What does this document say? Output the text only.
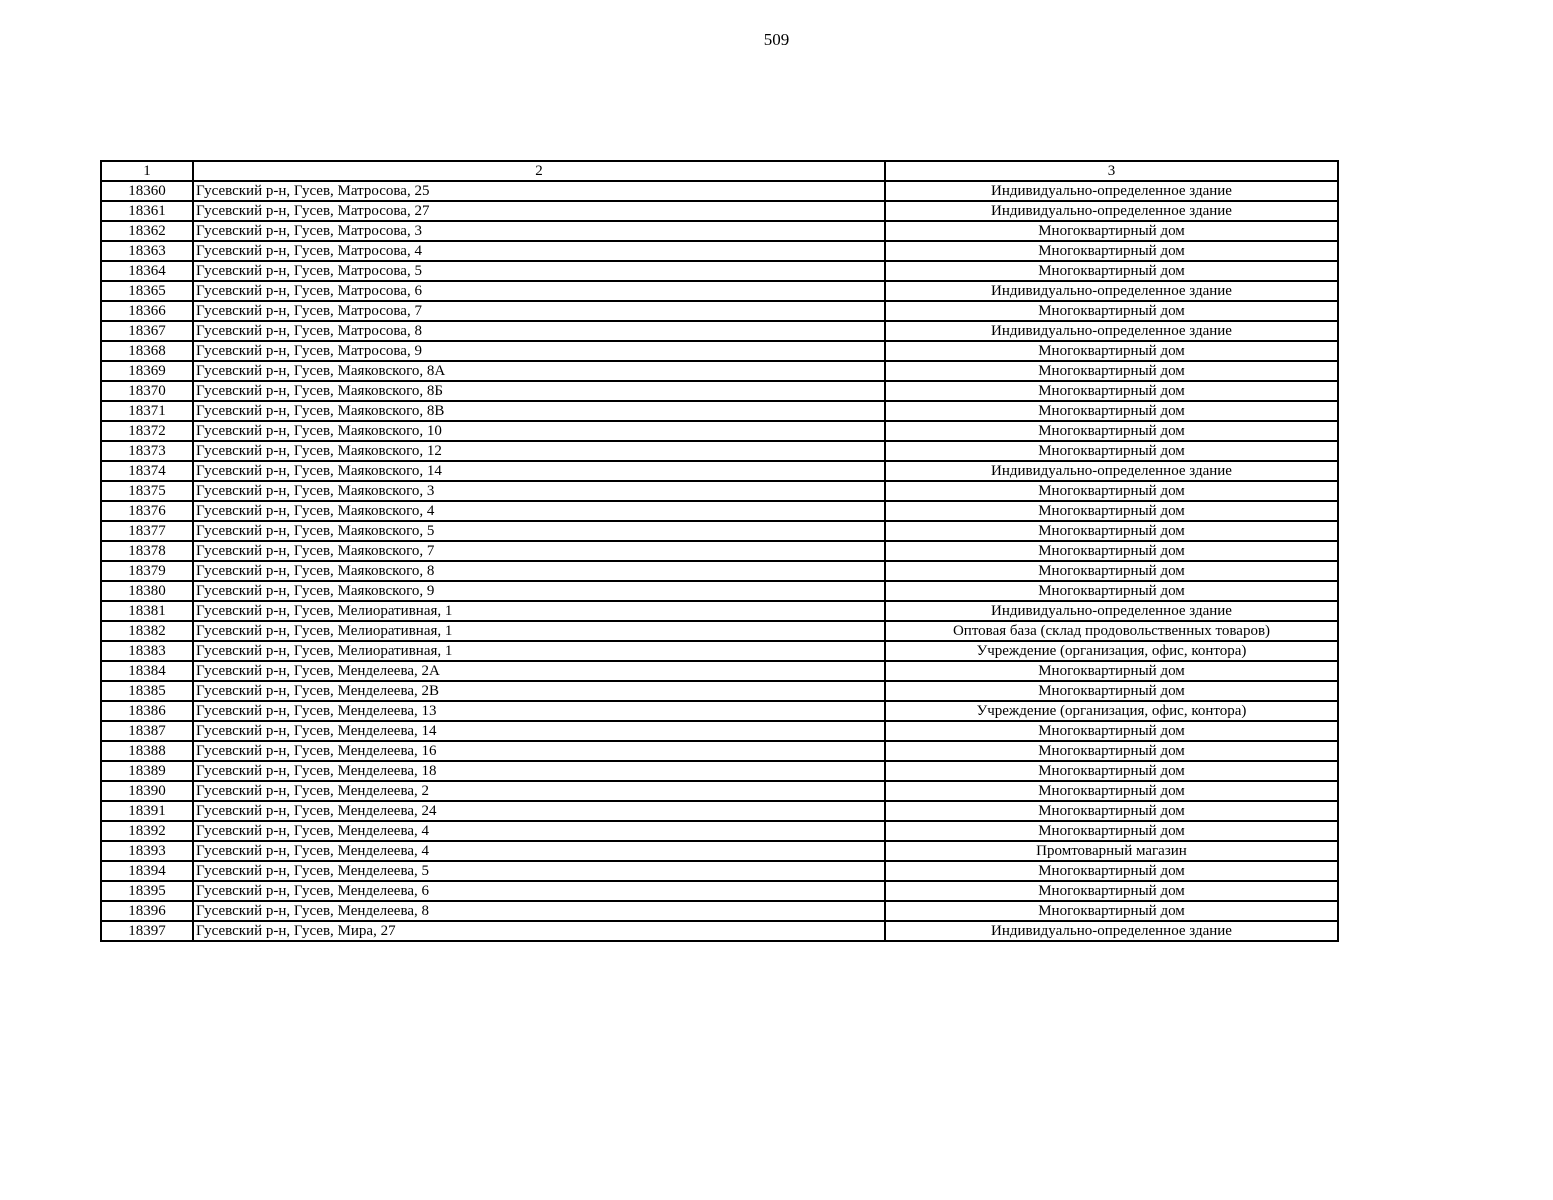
509
1	2	3
18360	Гусевский р-н, Гусев, Матросова, 25	Индивидуально-определенное здание
18361	Гусевский р-н, Гусев, Матросова, 27	Индивидуально-определенное здание
18362	Гусевский р-н, Гусев, Матросова, 3	Многоквартирный дом
18363	Гусевский р-н, Гусев, Матросова, 4	Многоквартирный дом
18364	Гусевский р-н, Гусев, Матросова, 5	Многоквартирный дом
18365	Гусевский р-н, Гусев, Матросова, 6	Индивидуально-определенное здание
18366	Гусевский р-н, Гусев, Матросова, 7	Многоквартирный дом
18367	Гусевский р-н, Гусев, Матросова, 8	Индивидуально-определенное здание
18368	Гусевский р-н, Гусев, Матросова, 9	Многоквартирный дом
18369	Гусевский р-н, Гусев, Маяковского, 8А	Многоквартирный дом
18370	Гусевский р-н, Гусев, Маяковского, 8Б	Многоквартирный дом
18371	Гусевский р-н, Гусев, Маяковского, 8В	Многоквартирный дом
18372	Гусевский р-н, Гусев, Маяковского, 10	Многоквартирный дом
18373	Гусевский р-н, Гусев, Маяковского, 12	Многоквартирный дом
18374	Гусевский р-н, Гусев, Маяковского, 14	Индивидуально-определенное здание
18375	Гусевский р-н, Гусев, Маяковского, 3	Многоквартирный дом
18376	Гусевский р-н, Гусев, Маяковского, 4	Многоквартирный дом
18377	Гусевский р-н, Гусев, Маяковского, 5	Многоквартирный дом
18378	Гусевский р-н, Гусев, Маяковского, 7	Многоквартирный дом
18379	Гусевский р-н, Гусев, Маяковского, 8	Многоквартирный дом
18380	Гусевский р-н, Гусев, Маяковского, 9	Многоквартирный дом
18381	Гусевский р-н, Гусев, Мелиоративная, 1	Индивидуально-определенное здание
18382	Гусевский р-н, Гусев, Мелиоративная, 1	Оптовая база (склад продовольственных товаров)
18383	Гусевский р-н, Гусев, Мелиоративная, 1	Учреждение (организация, офис, контора)
18384	Гусевский р-н, Гусев, Менделеева, 2А	Многоквартирный дом
18385	Гусевский р-н, Гусев, Менделеева, 2В	Многоквартирный дом
18386	Гусевский р-н, Гусев, Менделеева, 13	Учреждение (организация, офис, контора)
18387	Гусевский р-н, Гусев, Менделеева, 14	Многоквартирный дом
18388	Гусевский р-н, Гусев, Менделеева, 16	Многоквартирный дом
18389	Гусевский р-н, Гусев, Менделеева, 18	Многоквартирный дом
18390	Гусевский р-н, Гусев, Менделеева, 2	Многоквартирный дом
18391	Гусевский р-н, Гусев, Менделеева, 24	Многоквартирный дом
18392	Гусевский р-н, Гусев, Менделеева, 4	Многоквартирный дом
18393	Гусевский р-н, Гусев, Менделеева, 4	Промтоварный магазин
18394	Гусевский р-н, Гусев, Менделеева, 5	Многоквартирный дом
18395	Гусевский р-н, Гусев, Менделеева, 6	Многоквартирный дом
18396	Гусевский р-н, Гусев, Менделеева, 8	Многоквартирный дом
18397	Гусевский р-н, Гусев, Мира, 27	Индивидуально-определенное здание
